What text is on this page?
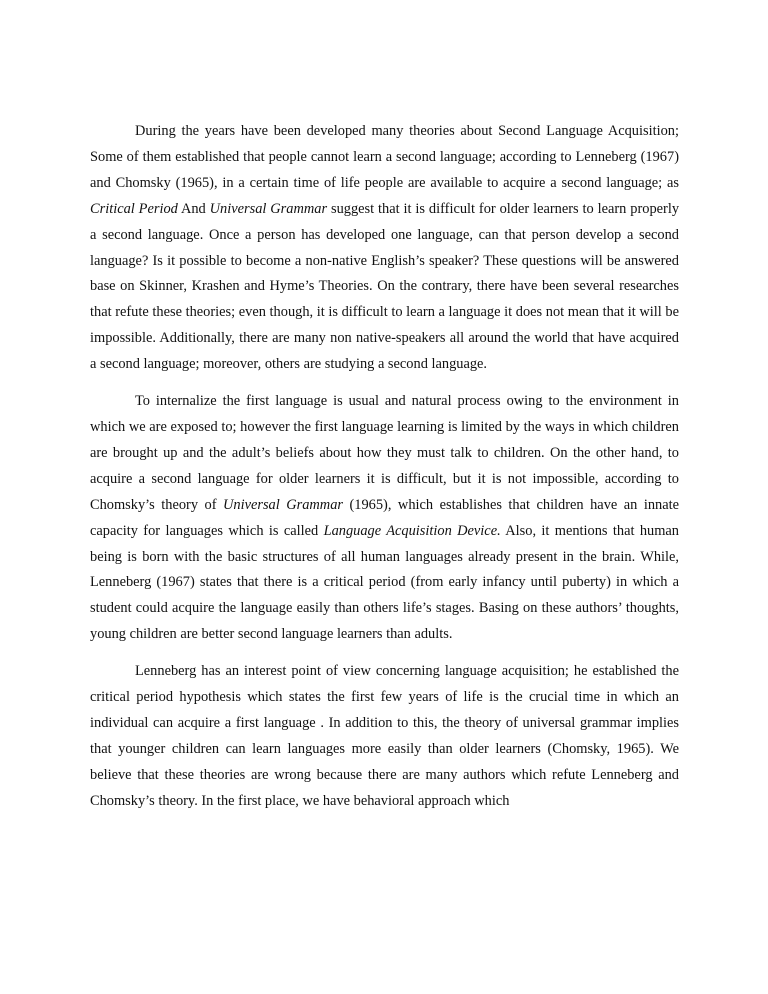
During the years have been developed many theories about Second Language Acquisition; Some of them established that people cannot learn a second language; according to Lenneberg (1967) and Chomsky (1965), in a certain time of life people are available to acquire a second language; as Critical Period And Universal Grammar suggest that it is difficult for older learners to learn properly a second language. Once a person has developed one language, can that person develop a second language? Is it possible to become a non-native English’s speaker? These questions will be answered base on Skinner, Krashen and Hyme’s Theories. On the contrary, there have been several researches that refute these theories; even though, it is difficult to learn a language it does not mean that it will be impossible. Additionally, there are many non native-speakers all around the world that have acquired a second language; moreover, others are studying a second language.

To internalize the first language is usual and natural process owing to the environment in which we are exposed to; however the first language learning is limited by the ways in which children are brought up and the adult’s beliefs about how they must talk to children. On the other hand, to acquire a second language for older learners it is difficult, but it is not impossible, according to Chomsky’s theory of Universal Grammar (1965), which establishes that children have an innate capacity for languages which is called Language Acquisition Device. Also, it mentions that human being is born with the basic structures of all human languages already present in the brain. While, Lenneberg (1967) states that there is a critical period (from early infancy until puberty) in which a student could acquire the language easily than others life’s stages. Basing on these authors’ thoughts, young children are better second language learners than adults.

Lenneberg has an interest point of view concerning language acquisition; he established the critical period hypothesis which states the first few years of life is the crucial time in which an individual can acquire a first language . In addition to this, the theory of universal grammar implies that younger children can learn languages more easily than older learners (Chomsky, 1965). We believe that these theories are wrong because there are many authors which refute Lenneberg and Chomsky’s theory. In the first place, we have behavioral approach which
